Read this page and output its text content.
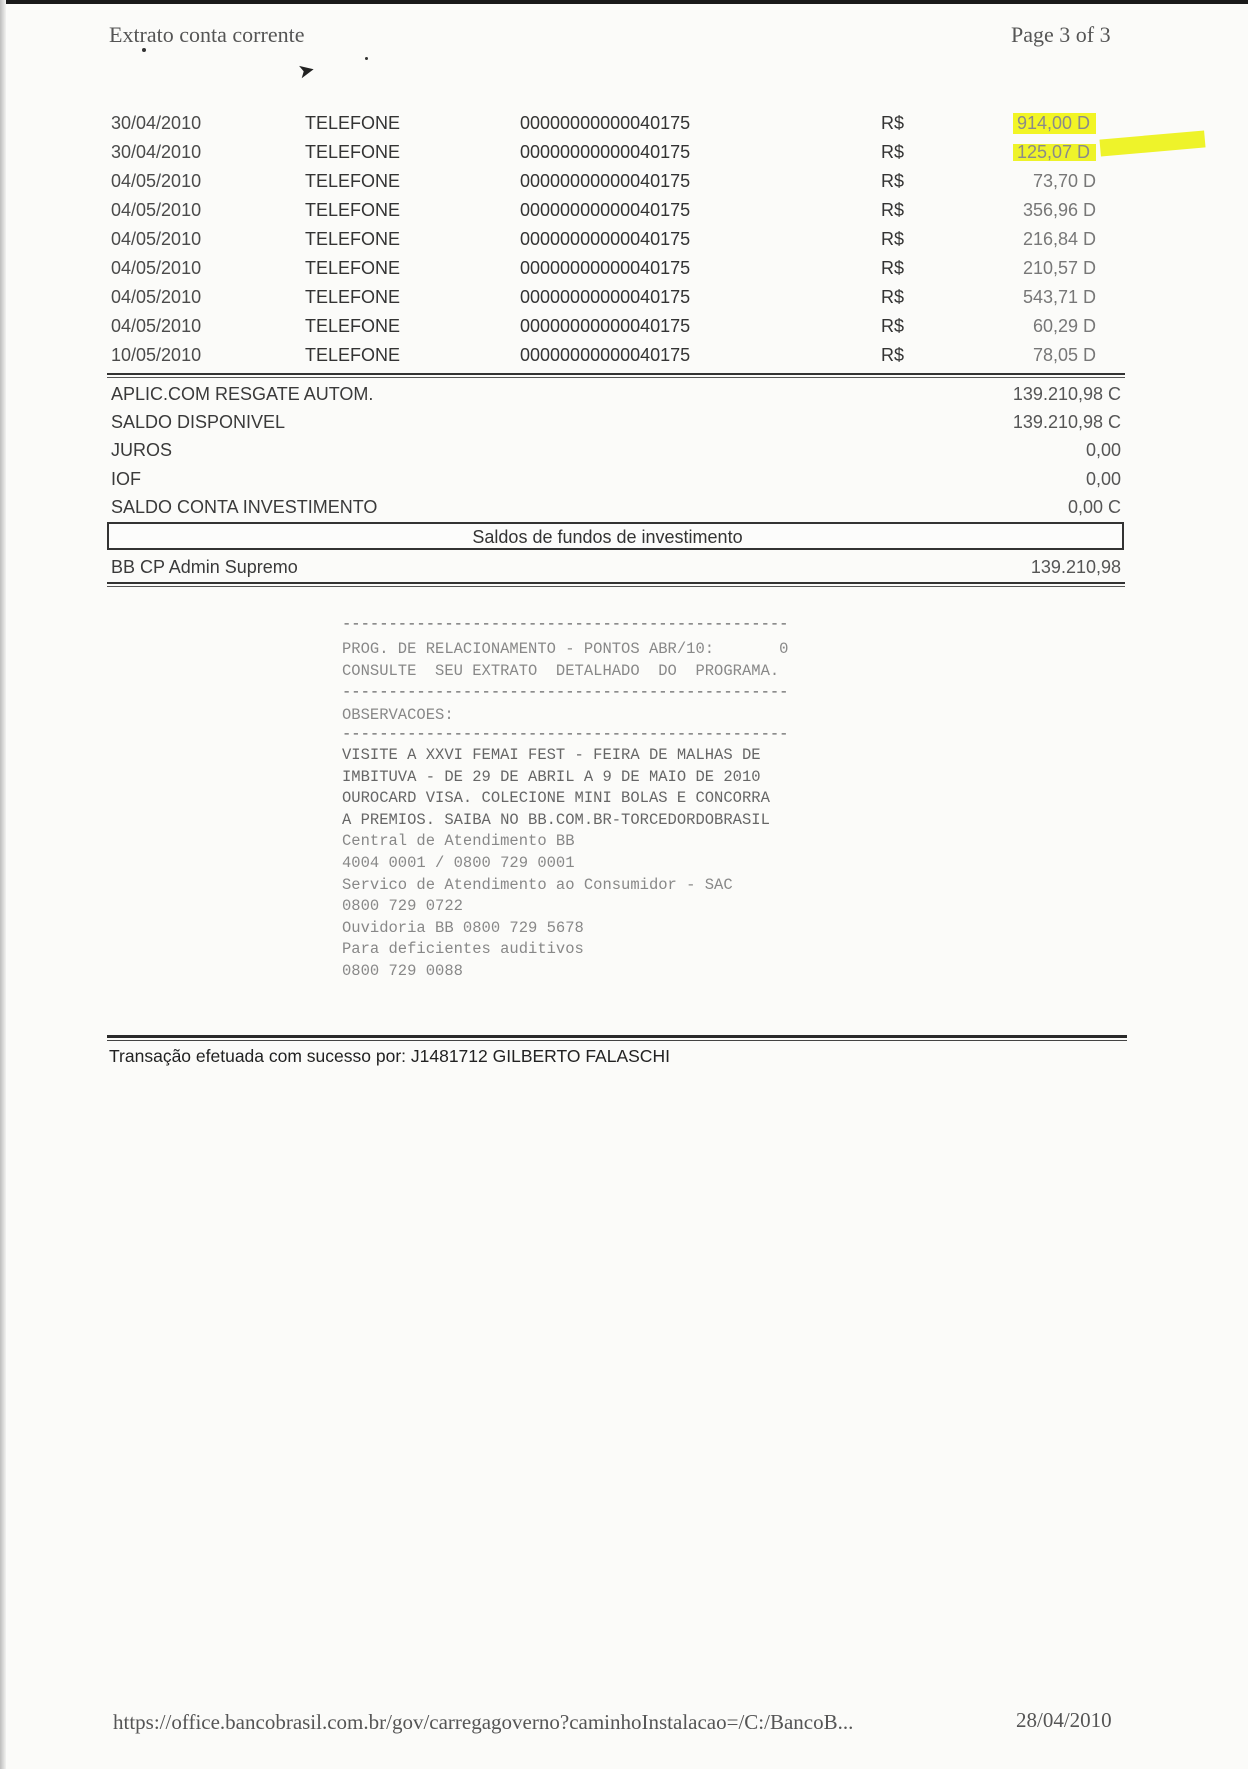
Extrato conta corrente	Page 3 of 3
➤
30/04/2010	TELEFONE	00000000000040175	R$	914,00 D
30/04/2010	TELEFONE	00000000000040175	R$	125,07 D
04/05/2010	TELEFONE	00000000000040175	R$	73,70 D
04/05/2010	TELEFONE	00000000000040175	R$	356,96 D
04/05/2010	TELEFONE	00000000000040175	R$	216,84 D
04/05/2010	TELEFONE	00000000000040175	R$	210,57 D
04/05/2010	TELEFONE	00000000000040175	R$	543,71 D
04/05/2010	TELEFONE	00000000000040175	R$	60,29 D
10/05/2010	TELEFONE	00000000000040175	R$	78,05 D
APLIC.COM RESGATE AUTOM.	139.210,98 C
SALDO DISPONIVEL	139.210,98 C
JUROS	0,00
IOF	0,00
SALDO CONTA INVESTIMENTO	0,00 C
Saldos de fundos de investimento
BB CP Admin Supremo	139.210,98
------------------------------------------------
PROG. DE RELACIONAMENTO - PONTOS ABR/10:       0
CONSULTE  SEU EXTRATO  DETALHADO  DO  PROGRAMA.
------------------------------------------------
OBSERVACOES:
------------------------------------------------
VISITE A XXVI FEMAI FEST - FEIRA DE MALHAS DE
IMBITUVA - DE 29 DE ABRIL A 9 DE MAIO DE 2010
OUROCARD VISA. COLECIONE MINI BOLAS E CONCORRA
A PREMIOS. SAIBA NO BB.COM.BR-TORCEDORDOBRASIL
Central de Atendimento BB
4004 0001 / 0800 729 0001
Servico de Atendimento ao Consumidor - SAC
0800 729 0722
Ouvidoria BB 0800 729 5678
Para deficientes auditivos
0800 729 0088
Transação efetuada com sucesso por: J1481712 GILBERTO FALASCHI
https://office.bancobrasil.com.br/gov/carregagoverno?caminhoInstalacao=/C:/BancoB...	28/04/2010
